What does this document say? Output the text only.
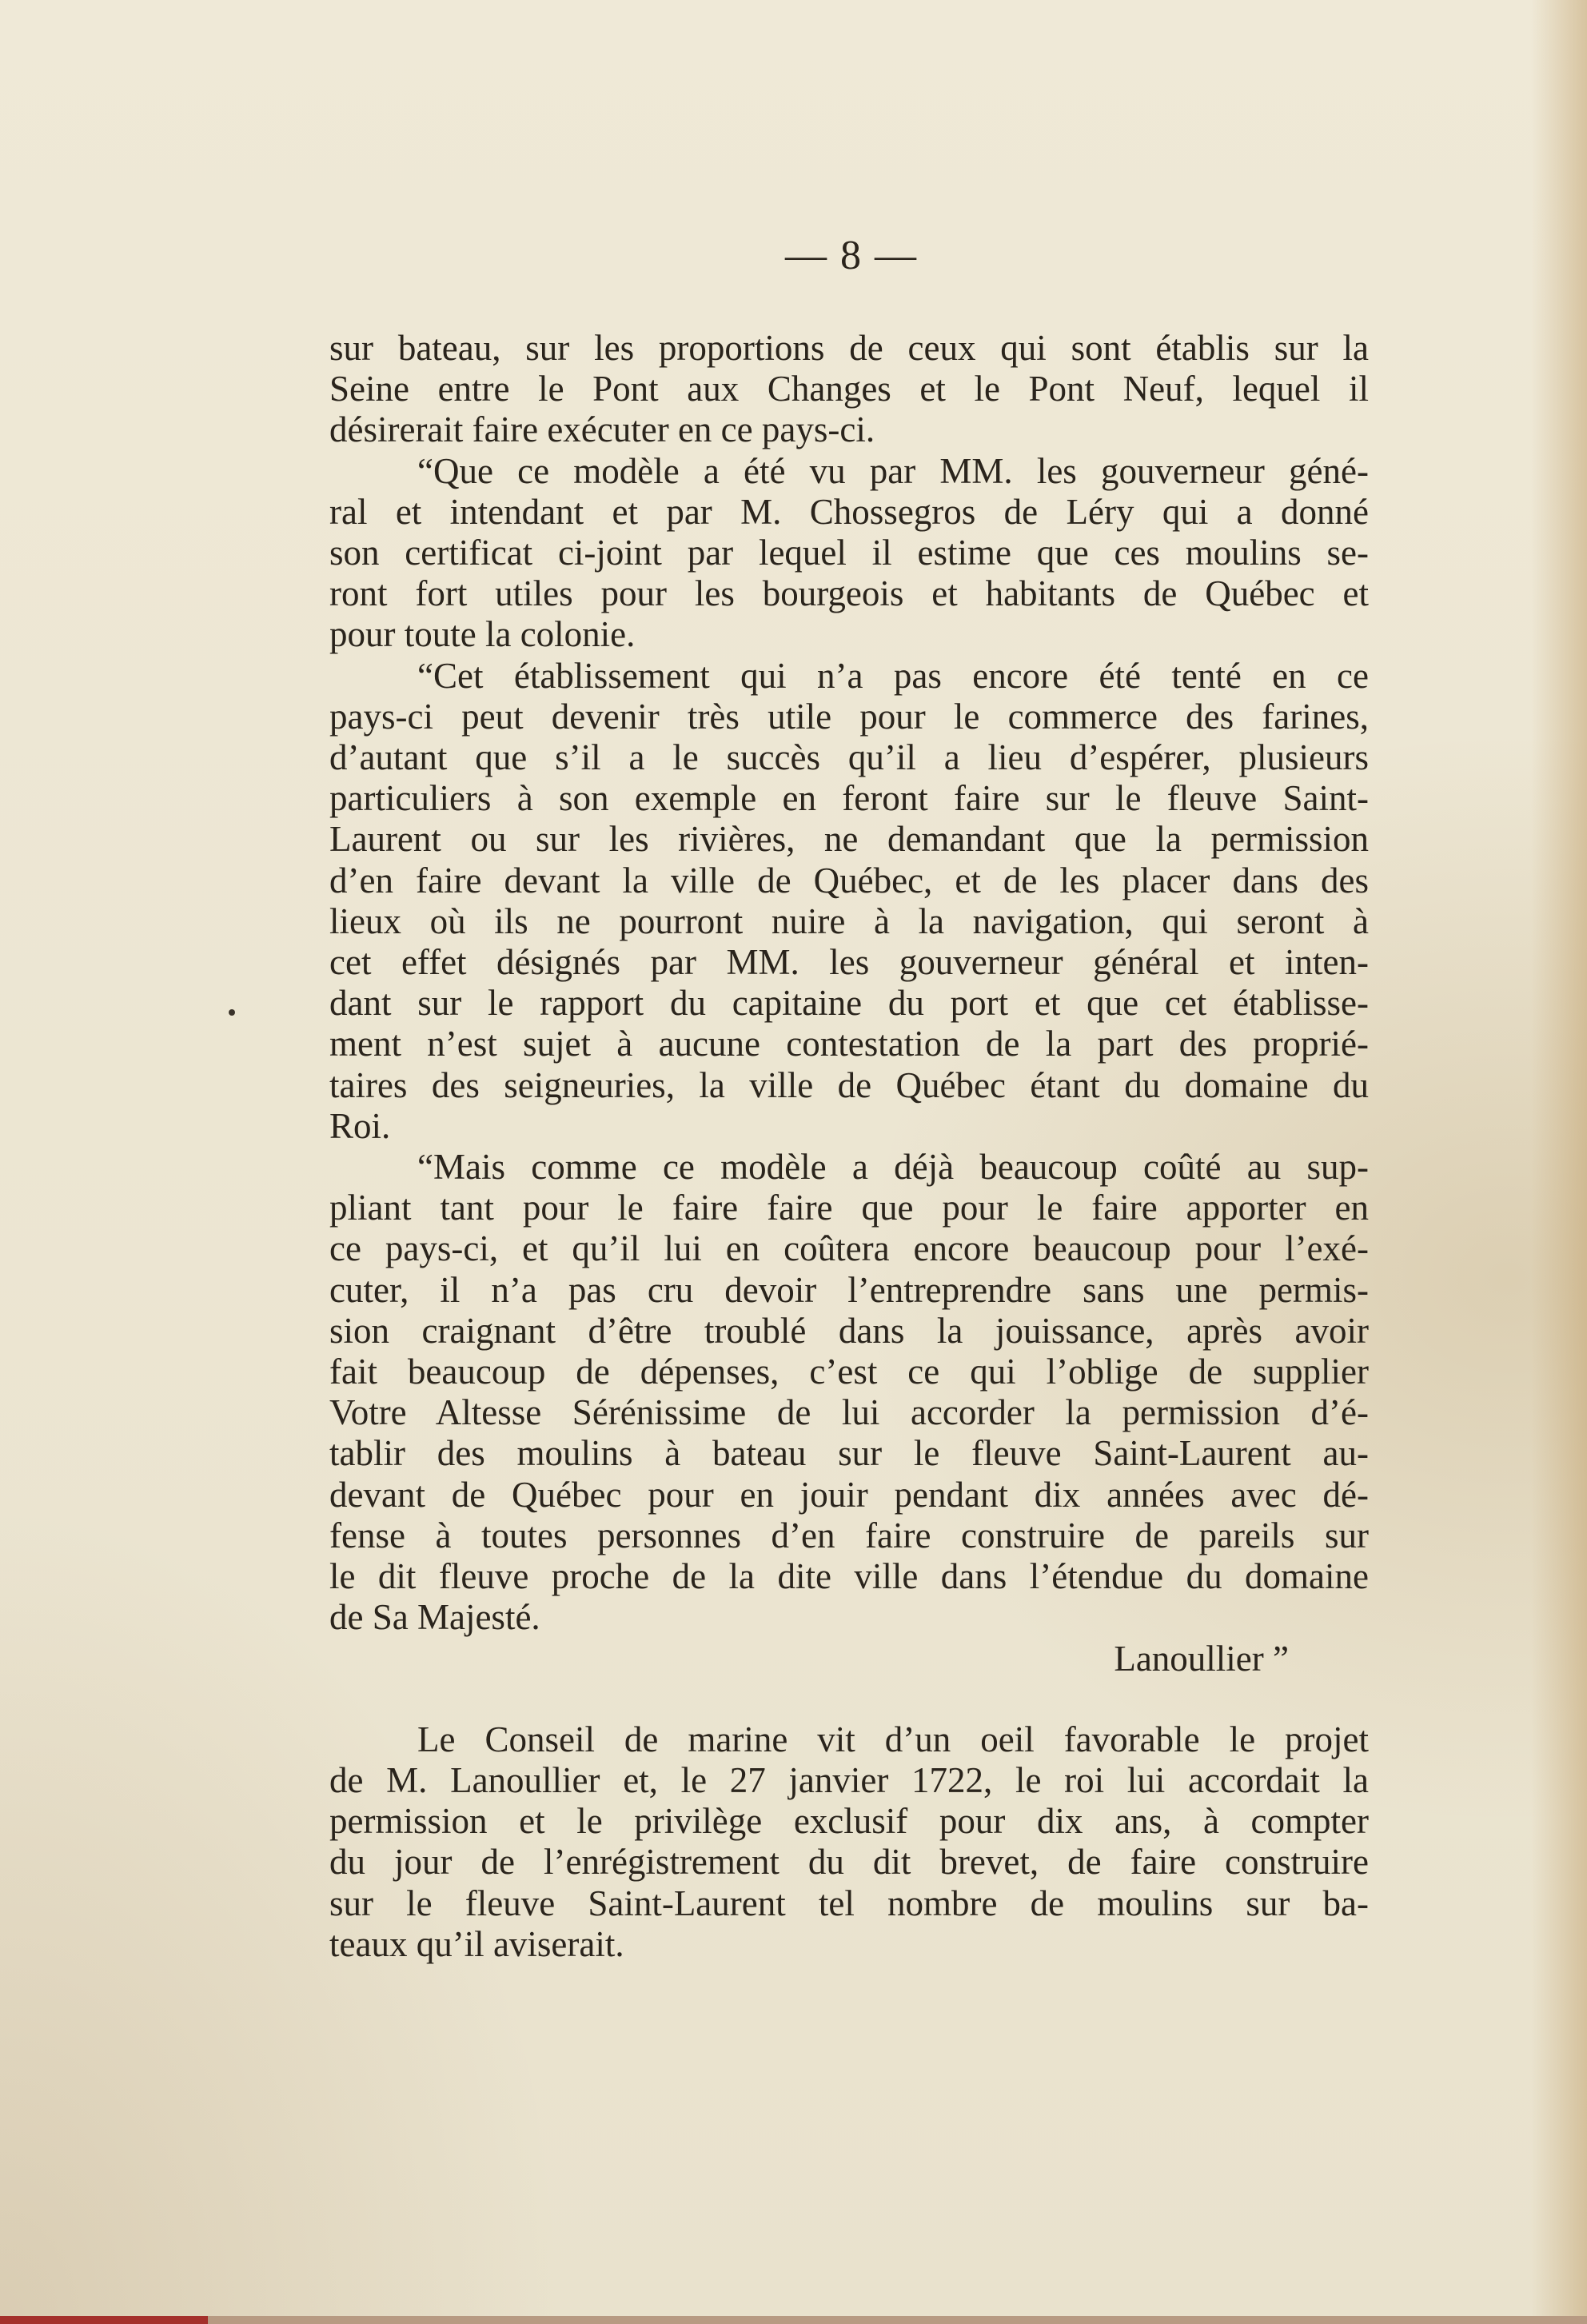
— 8 —
sur bateau, sur les proportions de ceux qui sont établis sur la
Seine entre le Pont aux Changes et le Pont Neuf, lequel il
désirerait faire exécuter en ce pays-ci.
“Que ce modèle a été vu par MM. les gouverneur géné-
ral et intendant et par M. Chossegros de Léry qui a donné
son certificat ci-joint par lequel il estime que ces moulins se-
ront fort utiles pour les bourgeois et habitants de Québec et
pour toute la colonie.
“Cet établissement qui n’a pas encore été tenté en ce
pays-ci peut devenir très utile pour le commerce des farines,
d’autant que s’il a le succès qu’il a lieu d’espérer, plusieurs
particuliers à son exemple en feront faire sur le fleuve Saint-
Laurent ou sur les rivières, ne demandant que la permission
d’en faire devant la ville de Québec, et de les placer dans des
lieux où ils ne pourront nuire à la navigation, qui seront à
cet effet désignés par MM. les gouverneur général et inten-
dant sur le rapport du capitaine du port et que cet établisse-
ment n’est sujet à aucune contestation de la part des proprié-
taires des seigneuries, la ville de Québec étant du domaine du
Roi.
“Mais comme ce modèle a déjà beaucoup coûté au sup-
pliant tant pour le faire faire que pour le faire apporter en
ce pays-ci, et qu’il lui en coûtera encore beaucoup pour l’exé-
cuter, il n’a pas cru devoir l’entreprendre sans une permis-
sion craignant d’être troublé dans la jouissance, après avoir
fait beaucoup de dépenses, c’est ce qui l’oblige de supplier
Votre Altesse Sérénissime de lui accorder la permission d’é-
tablir des moulins à bateau sur le fleuve Saint-Laurent au-
devant de Québec pour en jouir pendant dix années avec dé-
fense à toutes personnes d’en faire construire de pareils sur
le dit fleuve proche de la dite ville dans l’étendue du domaine
de Sa Majesté.
Lanoullier ”
Le Conseil de marine vit d’un oeil favorable le projet
de M. Lanoullier et, le 27 janvier 1722, le roi lui accordait la
permission et le privilège exclusif pour dix ans, à compter
du jour de l’enrégistrement du dit brevet, de faire construire
sur le fleuve Saint-Laurent tel nombre de moulins sur ba-
teaux qu’il aviserait.
